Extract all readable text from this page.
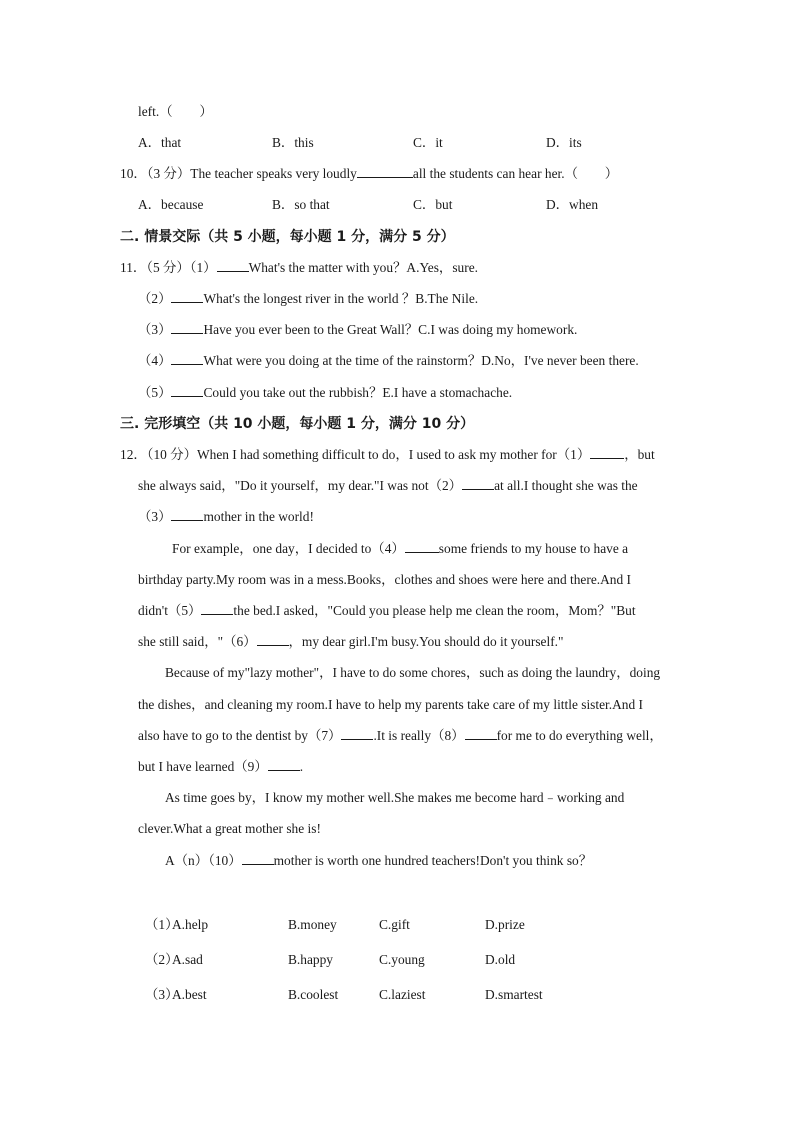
left.（　　）
A．that	B．this	C．it	D．its
10．（3 分）The teacher speaks very loudly	all the students can hear her.（　　）
A．because	B．so that	C．but	D．when
二. 情景交际（共 5 小题，每小题 1 分，满分 5 分）
11．（5 分）（1） What's the matter with you？A.Yes，sure.
（2） What's the longest river in the world ？B.The Nile.
（3） Have you ever been to the Great Wall？C.I was doing my homework.
（4） What were you doing at the time of the rainstorm？D.No，I've never been there.
（5） Could you take out the rubbish？E.I have a stomachache.
三. 完形填空（共 10 小题，每小题 1 分，满分 10 分）
12．（10 分）When I had something difficult to do，I used to ask my mother for（1）	，but
she always said，"Do it yourself，my dear."I was not（2） at all.I thought she was the
（3） mother in the world!
For example，one day，I decided to（4）	some friends to my house to have a
birthday party.My room was in a mess.Books，clothes and shoes were here and there.And I
didn't（5） the bed.I asked，"Could you please help me clean the room，Mom？"But
she still said，"（6） ，my dear girl.I'm busy.You should do it yourself."
Because of my"lazy mother"，I have to do some chores，such as doing the laundry，doing
the dishes，and cleaning my room.I have to help my parents take care of my little sister.And I
also have to go to the dentist by（7） .It is really（8） for me to do everything well，
but I have learned（9） .
As time goes by，I know my mother well.She makes me become hard﹣working and
clever.What a great mother she is!
A（n）（10） mother is worth one hundred teachers!Don't you think so？
（1）
A.help	B.money	C.gift	D.prize
（2）
A.sad	B.happy	C.young	D.old
（3）
A.best	B.coolest	C.laziest	D.smartest
